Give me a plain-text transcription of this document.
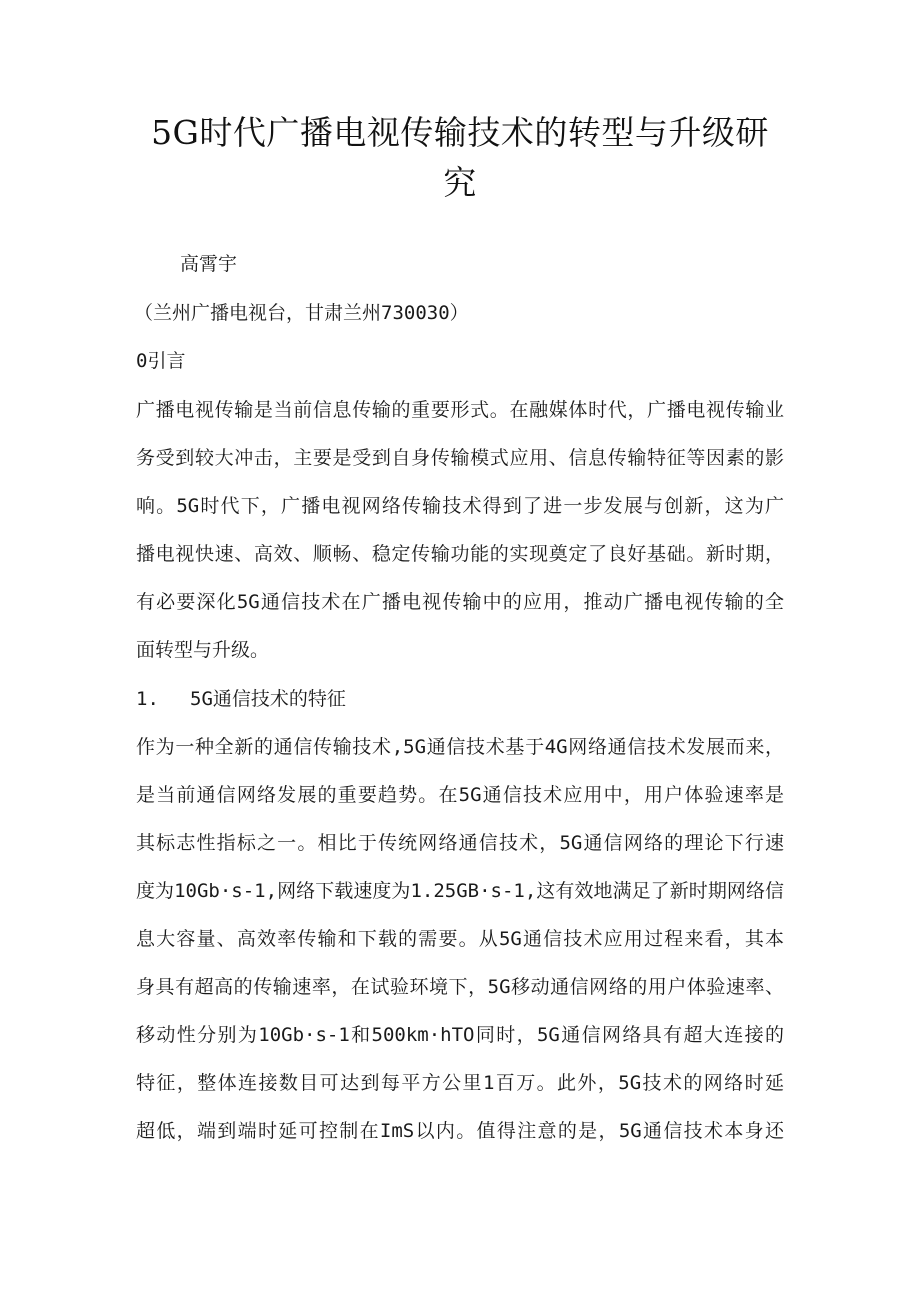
5G时代广播电视传输技术的转型与升级研
究

高霄宇

（兰州广播电视台，甘肃兰州730030）

0引言

广播电视传输是当前信息传输的重要形式。在融媒体时代，广播电视传输业

务受到较大冲击，主要是受到自身传输模式应用、信息传输特征等因素的影

响。5G时代下，广播电视网络传输技术得到了进一步发展与创新，这为广

播电视快速、高效、顺畅、稳定传输功能的实现奠定了良好基础。新时期，

有必要深化5G通信技术在广播电视传输中的应用，推动广播电视传输的全

面转型与升级。

1. 5G通信技术的特征

作为一种全新的通信传输技术,5G通信技术基于4G网络通信技术发展而来，

是当前通信网络发展的重要趋势。在5G通信技术应用中，用户体验速率是

其标志性指标之一。相比于传统网络通信技术，5G通信网络的理论下行速

度为10Gb·s-1,网络下载速度为1.25GB·s-1,这有效地满足了新时期网络信

息大容量、高效率传输和下载的需要。从5G通信技术应用过程来看，其本

身具有超高的传输速率，在试验环境下，5G移动通信网络的用户体验速率、

移动性分别为10Gb·s-1和500km·hTO同时，5G通信网络具有超大连接的

特征，整体连接数目可达到每平方公里1百万。此外，5G技术的网络时延

超低，端到端时延可控制在ImS以内。值得注意的是，5G通信技术本身还
